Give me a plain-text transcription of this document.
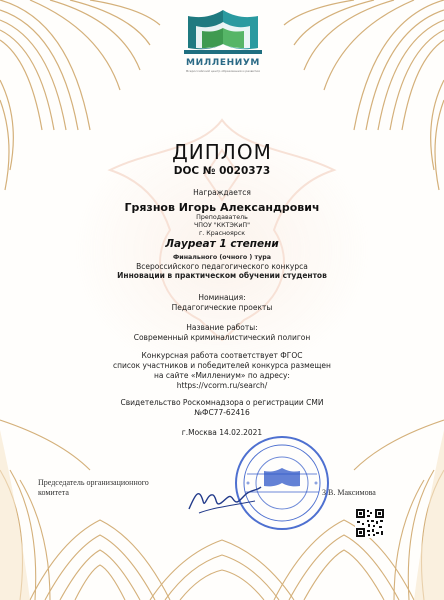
МИЛЛЕНИУМ
Всероссийский центр образования и развития
ДИПЛОМ
DOC № 0020373
Награждается
Грязнов Игорь Александрович
Преподаватель
ЧПОУ "ККТЭКиП"
г. Красноярск
Лауреат 1 степени
Финального (очного ) тура
Всероссийского педагогического конкурса
Инновации в практическом обучении студентов
Номинация:
Педагогические проекты
Название работы:
Современный криминалистический полигон
Конкурсная работа соответствует ФГОС
список участников и победителей конкурса размещен
на сайте «Миллениум» по адресу:
https://vcorm.ru/search/
Свидетельство Роскомнадзора о регистрации СМИ
№ФС77-62416
г.Москва 14.02.2021
Председатель организационного
комитета	З.В. Максимова
